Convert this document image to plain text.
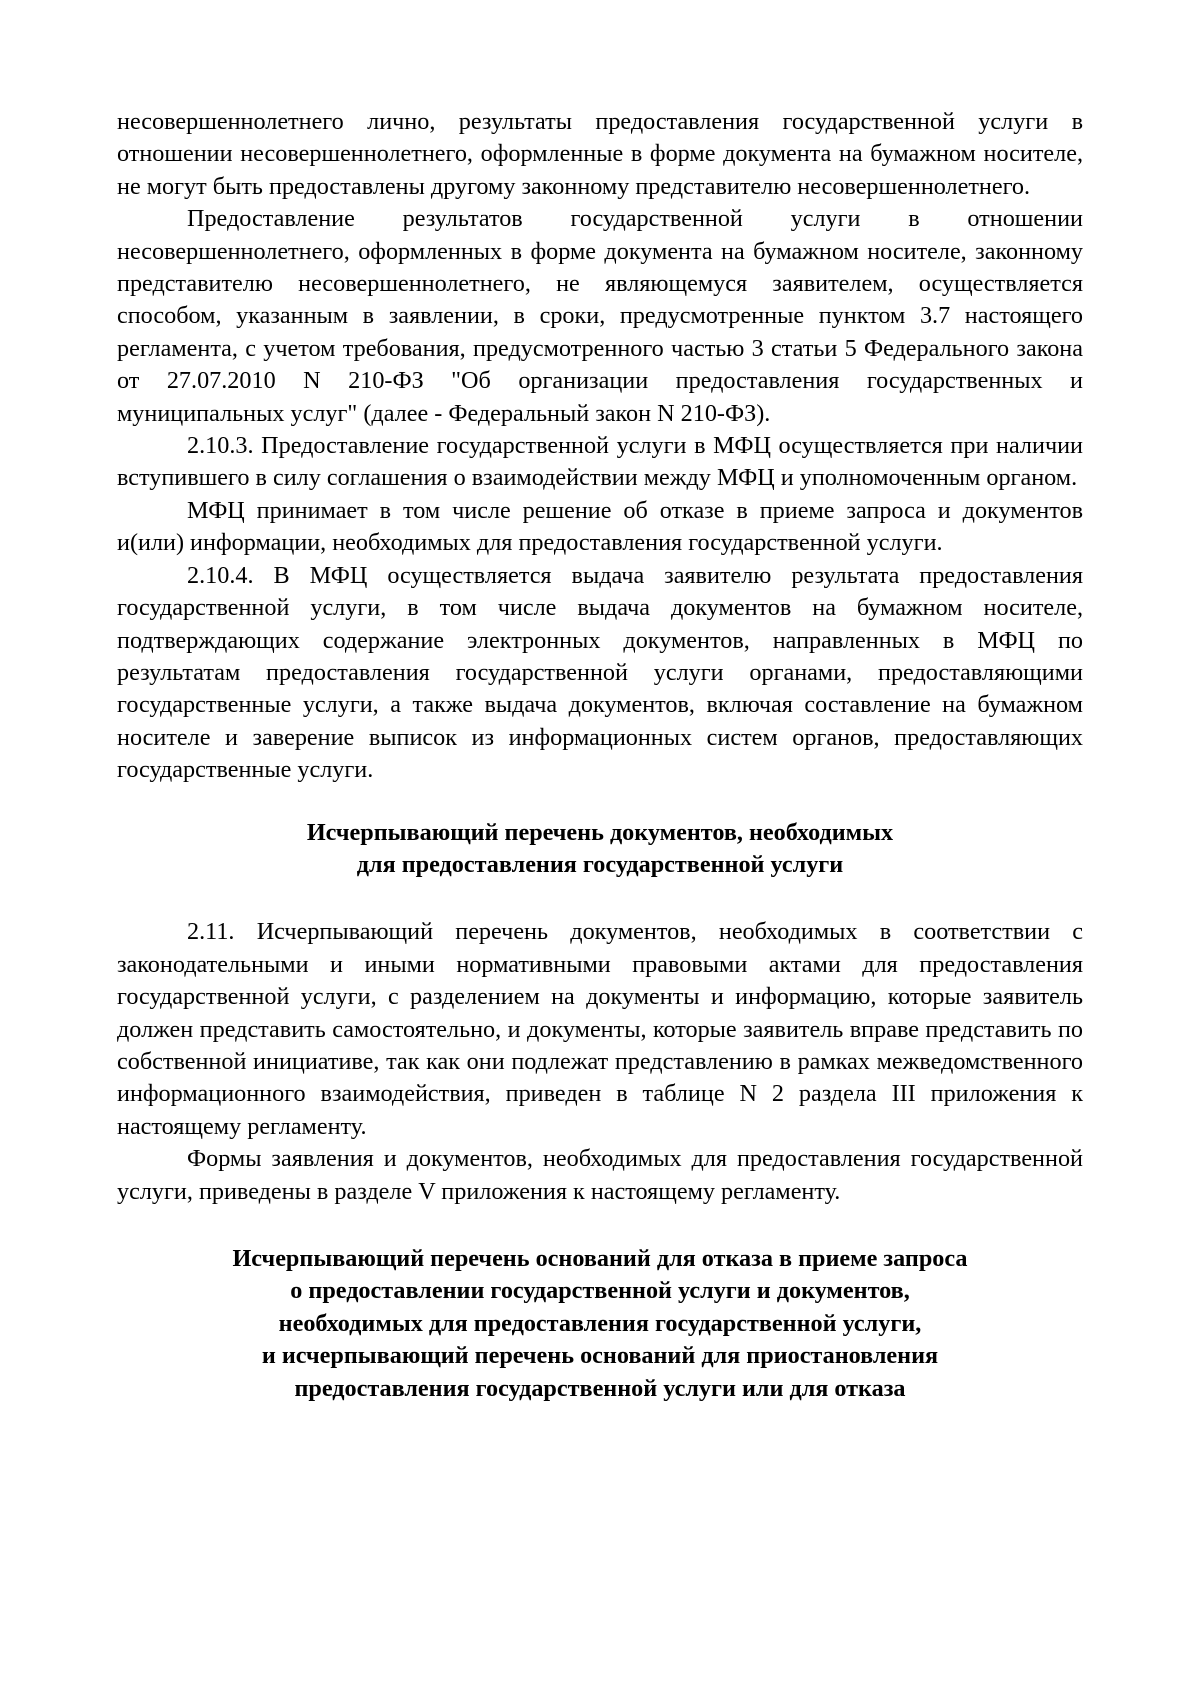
несовершеннолетнего лично, результаты предоставления государственной услуги в отношении несовершеннолетнего, оформленные в форме документа на бумажном носителе, не могут быть предоставлены другому законному представителю несовершеннолетнего.

Предоставление результатов государственной услуги в отношении несовершеннолетнего, оформленных в форме документа на бумажном носителе, законному представителю несовершеннолетнего, не являющемуся заявителем, осуществляется способом, указанным в заявлении, в сроки, предусмотренные пунктом 3.7 настоящего регламента, с учетом требования, предусмотренного частью 3 статьи 5 Федерального закона от 27.07.2010 N 210-ФЗ "Об организации предоставления государственных и муниципальных услуг" (далее - Федеральный закон N 210-ФЗ).

2.10.3. Предоставление государственной услуги в МФЦ осуществляется при наличии вступившего в силу соглашения о взаимодействии между МФЦ и уполномоченным органом.

МФЦ принимает в том числе решение об отказе в приеме запроса и документов и(или) информации, необходимых для предоставления государственной услуги.

2.10.4. В МФЦ осуществляется выдача заявителю результата предоставления государственной услуги, в том числе выдача документов на бумажном носителе, подтверждающих содержание электронных документов, направленных в МФЦ по результатам предоставления государственной услуги органами, предоставляющими государственные услуги, а также выдача документов, включая составление на бумажном носителе и заверение выписок из информационных систем органов, предоставляющих государственные услуги.

Исчерпывающий перечень документов, необходимых
для предоставления государственной услуги

2.11. Исчерпывающий перечень документов, необходимых в соответствии с законодательными и иными нормативными правовыми актами для предоставления государственной услуги, с разделением на документы и информацию, которые заявитель должен представить самостоятельно, и документы, которые заявитель вправе представить по собственной инициативе, так как они подлежат представлению в рамках межведомственного информационного взаимодействия, приведен в таблице N 2 раздела III приложения к настоящему регламенту.

Формы заявления и документов, необходимых для предоставления государственной услуги, приведены в разделе V приложения к настоящему регламенту.

Исчерпывающий перечень оснований для отказа в приеме запроса
о предоставлении государственной услуги и документов,
необходимых для предоставления государственной услуги,
и исчерпывающий перечень оснований для приостановления
предоставления государственной услуги или для отказа
